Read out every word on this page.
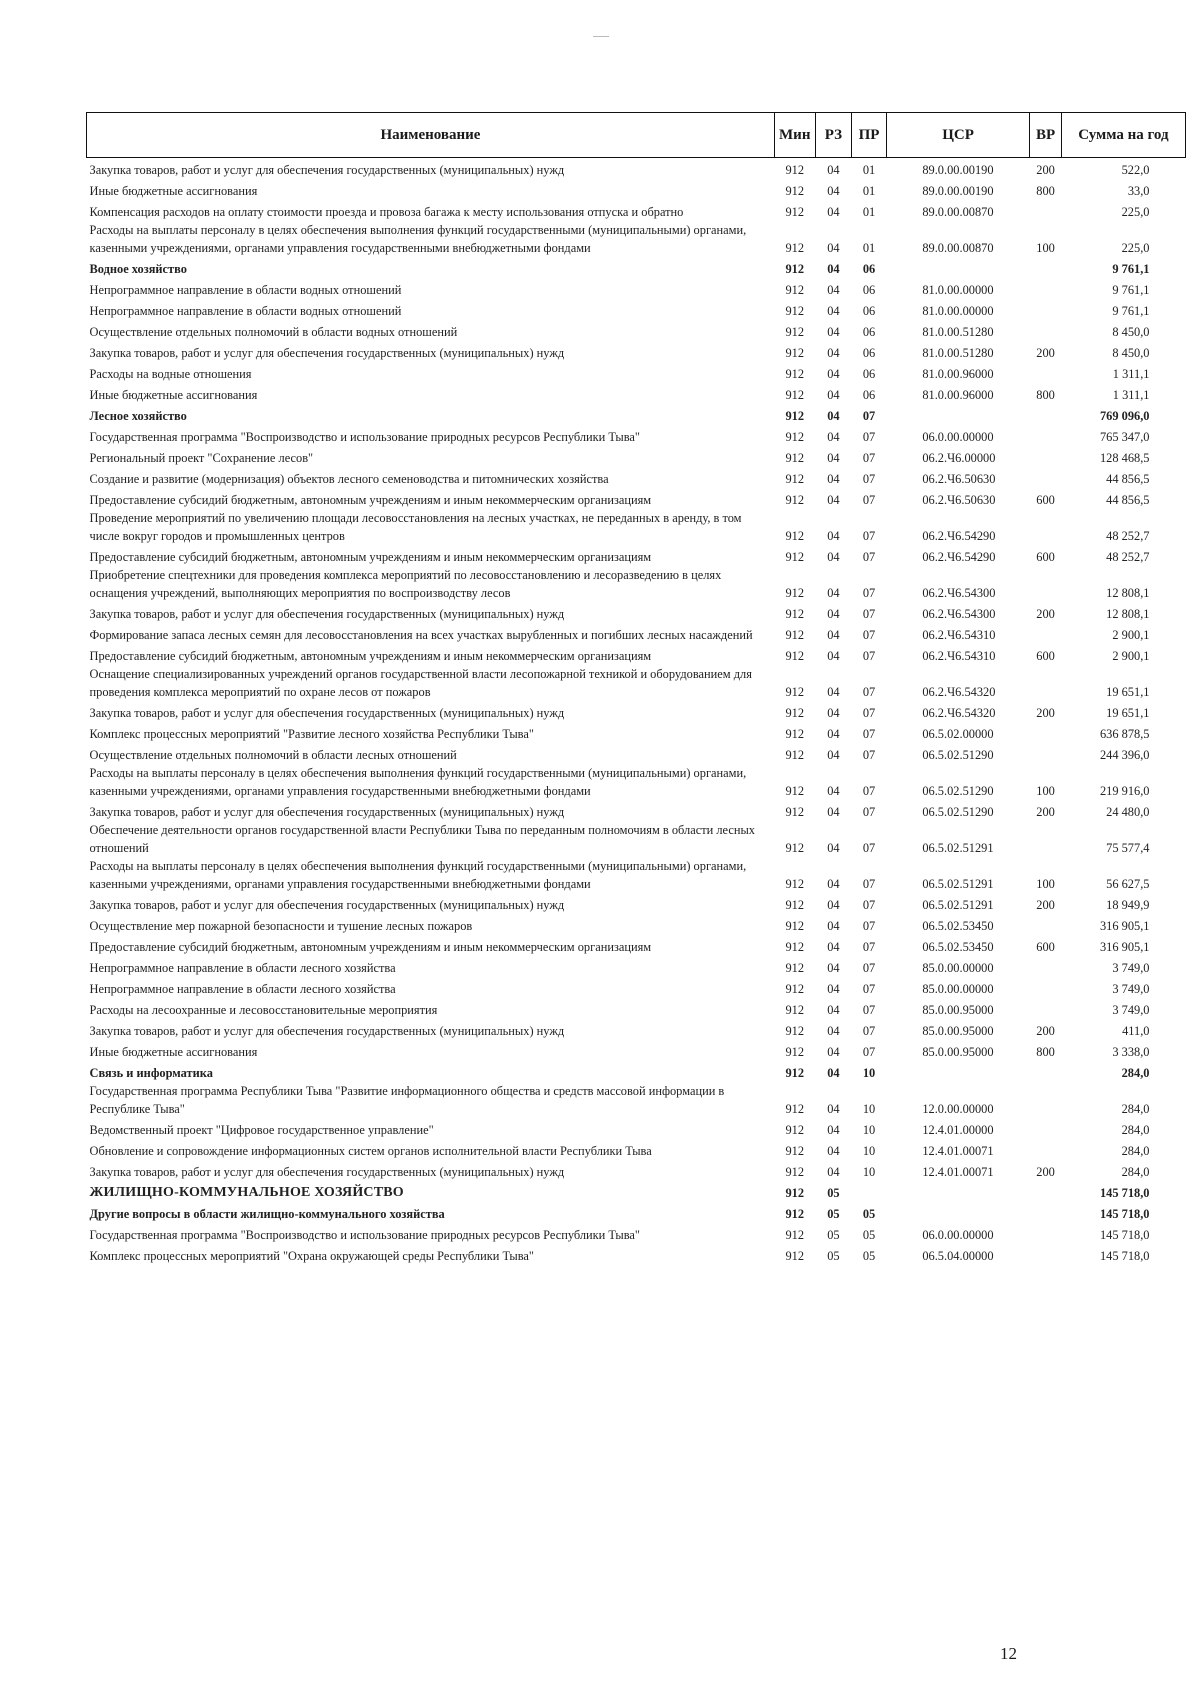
Наименование	Мин	РЗ	ПР	ЦСР	ВР	Сумма на год
Закупка товаров, работ и услуг для обеспечения государственных (муниципальных) нужд	912	04	01	89.0.00.00190	200	522,0
Иные бюджетные ассигнования	912	04	01	89.0.00.00190	800	33,0
Компенсация расходов на оплату стоимости проезда и провоза багажа к месту использования отпуска и обратно	912	04	01	89.0.00.00870		225,0
Расходы на выплаты персоналу в целях обеспечения выполнения функций государственными (муниципальными) органами, казенными учреждениями, органами управления государственными внебюджетными фондами	912	04	01	89.0.00.00870	100	225,0
Водное хозяйство	912	04	06			9 761,1
Непрограммное направление в области водных отношений	912	04	06	81.0.00.00000		9 761,1
Непрограммное направление в области водных отношений	912	04	06	81.0.00.00000		9 761,1
Осуществление отдельных полномочий в области водных отношений	912	04	06	81.0.00.51280		8 450,0
Закупка товаров, работ и услуг для обеспечения государственных (муниципальных) нужд	912	04	06	81.0.00.51280	200	8 450,0
Расходы на водные отношения	912	04	06	81.0.00.96000		1 311,1
Иные бюджетные ассигнования	912	04	06	81.0.00.96000	800	1 311,1
Лесное хозяйство	912	04	07			769 096,0
Государственная программа "Воспроизводство и использование природных ресурсов Республики Тыва"	912	04	07	06.0.00.00000		765 347,0
Региональный проект "Сохранение лесов"	912	04	07	06.2.Ч6.00000		128 468,5
Создание и развитие (модернизация) объектов лесного семеноводства и питомнических хозяйства	912	04	07	06.2.Ч6.50630		44 856,5
Предоставление субсидий бюджетным, автономным учреждениям и иным некоммерческим организациям	912	04	07	06.2.Ч6.50630	600	44 856,5
Проведение мероприятий по увеличению площади лесовосстановления на лесных участках, не переданных в аренду, в том числе вокруг городов и промышленных центров	912	04	07	06.2.Ч6.54290		48 252,7
Предоставление субсидий бюджетным, автономным учреждениям и иным некоммерческим организациям	912	04	07	06.2.Ч6.54290	600	48 252,7
Приобретение спецтехники для проведения комплекса мероприятий по лесовосстановлению и лесоразведению в целях оснащения учреждений, выполняющих мероприятия по воспроизводству лесов	912	04	07	06.2.Ч6.54300		12 808,1
Закупка товаров, работ и услуг для обеспечения государственных (муниципальных) нужд	912	04	07	06.2.Ч6.54300	200	12 808,1
Формирование запаса лесных семян для лесовосстановления на всех участках вырубленных и погибших лесных насаждений	912	04	07	06.2.Ч6.54310		2 900,1
Предоставление субсидий бюджетным, автономным учреждениям и иным некоммерческим организациям	912	04	07	06.2.Ч6.54310	600	2 900,1
Оснащение специализированных учреждений органов государственной власти лесопожарной техникой и оборудованием для проведения комплекса мероприятий по охране лесов от пожаров	912	04	07	06.2.Ч6.54320		19 651,1
Закупка товаров, работ и услуг для обеспечения государственных (муниципальных) нужд	912	04	07	06.2.Ч6.54320	200	19 651,1
Комплекс процессных мероприятий "Развитие лесного хозяйства Республики Тыва"	912	04	07	06.5.02.00000		636 878,5
Осуществление отдельных полномочий в области лесных отношений	912	04	07	06.5.02.51290		244 396,0
Расходы на выплаты персоналу в целях обеспечения выполнения функций государственными (муниципальными) органами, казенными учреждениями, органами управления государственными внебюджетными фондами	912	04	07	06.5.02.51290	100	219 916,0
Закупка товаров, работ и услуг для обеспечения государственных (муниципальных) нужд	912	04	07	06.5.02.51290	200	24 480,0
Обеспечение деятельности органов государственной власти Республики Тыва по переданным полномочиям в области лесных отношений	912	04	07	06.5.02.51291		75 577,4
Расходы на выплаты персоналу в целях обеспечения выполнения функций государственными (муниципальными) органами, казенными учреждениями, органами управления государственными внебюджетными фондами	912	04	07	06.5.02.51291	100	56 627,5
Закупка товаров, работ и услуг для обеспечения государственных (муниципальных) нужд	912	04	07	06.5.02.51291	200	18 949,9
Осуществление мер пожарной безопасности и тушение лесных пожаров	912	04	07	06.5.02.53450		316 905,1
Предоставление субсидий бюджетным, автономным учреждениям и иным некоммерческим организациям	912	04	07	06.5.02.53450	600	316 905,1
Непрограммное направление в области лесного хозяйства	912	04	07	85.0.00.00000		3 749,0
Непрограммное направление в области лесного хозяйства	912	04	07	85.0.00.00000		3 749,0
Расходы на лесоохранные и лесовосстановительные мероприятия	912	04	07	85.0.00.95000		3 749,0
Закупка товаров, работ и услуг для обеспечения государственных (муниципальных) нужд	912	04	07	85.0.00.95000	200	411,0
Иные бюджетные ассигнования	912	04	07	85.0.00.95000	800	3 338,0
Связь и информатика	912	04	10			284,0
Государственная программа Республики Тыва "Развитие информационного общества и средств массовой информации в Республике Тыва"	912	04	10	12.0.00.00000		284,0
Ведомственный проект "Цифровое государственное управление"	912	04	10	12.4.01.00000		284,0
Обновление и сопровождение информационных систем органов исполнительной власти Республики Тыва	912	04	10	12.4.01.00071		284,0
Закупка товаров, работ и услуг для обеспечения государственных (муниципальных) нужд	912	04	10	12.4.01.00071	200	284,0
ЖИЛИЩНО-КОММУНАЛЬНОЕ ХОЗЯЙСТВО	912	05				145 718,0
Другие вопросы в области жилищно-коммунального хозяйства	912	05	05			145 718,0
Государственная программа "Воспроизводство и использование природных ресурсов Республики Тыва"	912	05	05	06.0.00.00000		145 718,0
Комплекс процессных мероприятий "Охрана окружающей среды Республики Тыва"	912	05	05	06.5.04.00000		145 718,0
12
